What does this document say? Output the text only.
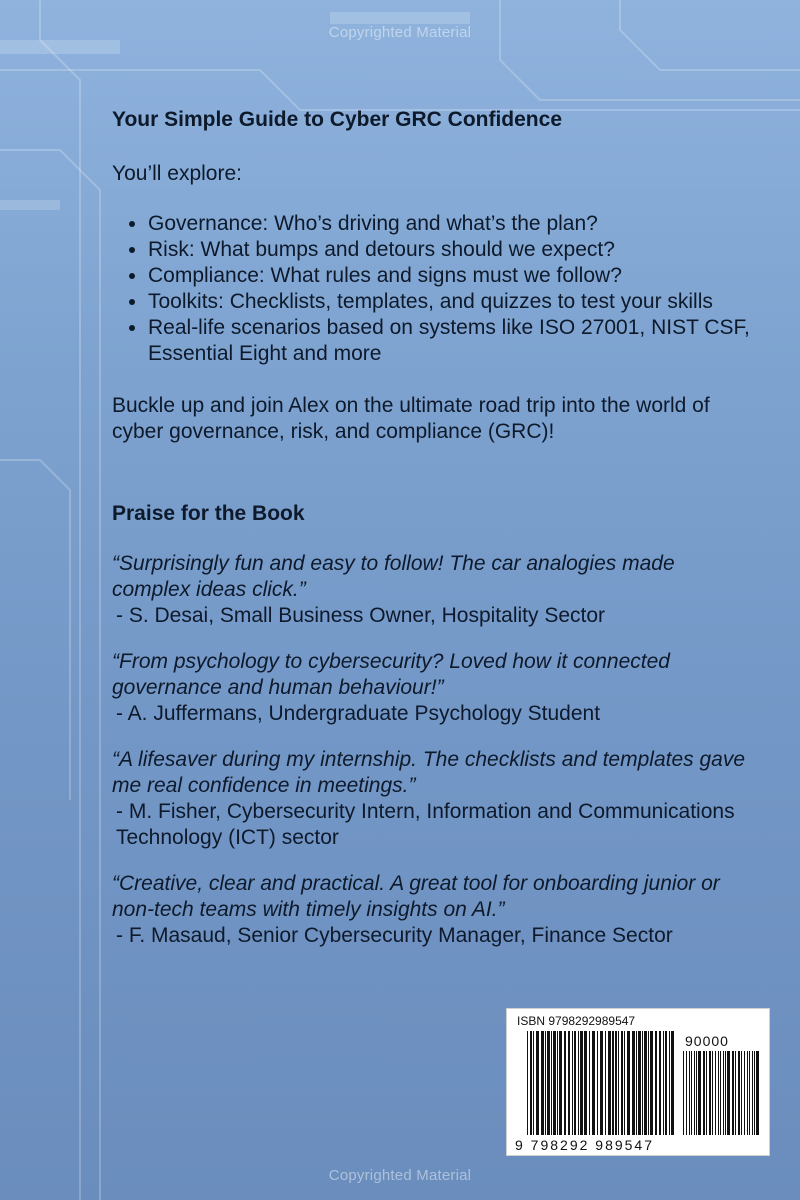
Copyrighted Material
Your Simple Guide to Cyber GRC Confidence

You’ll explore:

• Governance: Who’s driving and what’s the plan?
• Risk: What bumps and detours should we expect?
• Compliance: What rules and signs must we follow?
• Toolkits: Checklists, templates, and quizzes to test your skills
• Real-life scenarios based on systems like ISO 27001, NIST CSF, Essential Eight and more

Buckle up and join Alex on the ultimate road trip into the world of cyber governance, risk, and compliance (GRC)!

Praise for the Book
“Surprisingly fun and easy to follow! The car analogies made complex ideas click.”
- S. Desai, Small Business Owner, Hospitality Sector
“From psychology to cybersecurity? Loved how it connected governance and human behaviour!”
- A. Juffermans, Undergraduate Psychology Student
“A lifesaver during my internship. The checklists and templates gave me real confidence in meetings.”
- M. Fisher, Cybersecurity Intern, Information and Communications Technology (ICT) sector
“Creative, clear and practical. A great tool for onboarding junior or non-tech teams with timely insights on AI.”
- F. Masaud, Senior Cybersecurity Manager, Finance Sector
ISBN 9798292989547
90000
9 798292 989547
Copyrighted Material
